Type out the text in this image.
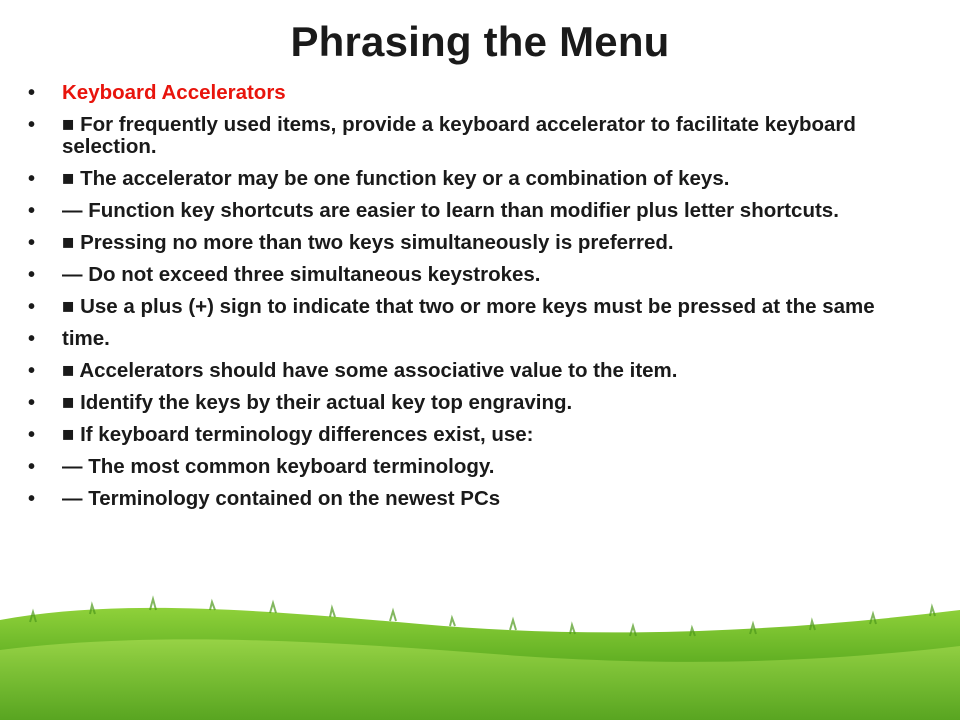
Phrasing the Menu
• Keyboard Accelerators
• ■ For frequently used items, provide a keyboard accelerator to facilitate keyboard selection.
• ■ The accelerator may be one function key or a combination of keys.
• — Function key shortcuts are easier to learn than modifier plus letter shortcuts.
• ■ Pressing no more than two keys simultaneously is preferred.
• — Do not exceed three simultaneous keystrokes.
• ■ Use a plus (+) sign to indicate that two or more keys must be pressed at the same
• time.
• ■ Accelerators should have some associative value to the item.
• ■ Identify the keys by their actual key top engraving.
• ■ If keyboard terminology differences exist, use:
• — The most common keyboard terminology.
• — Terminology contained on the newest PCs
